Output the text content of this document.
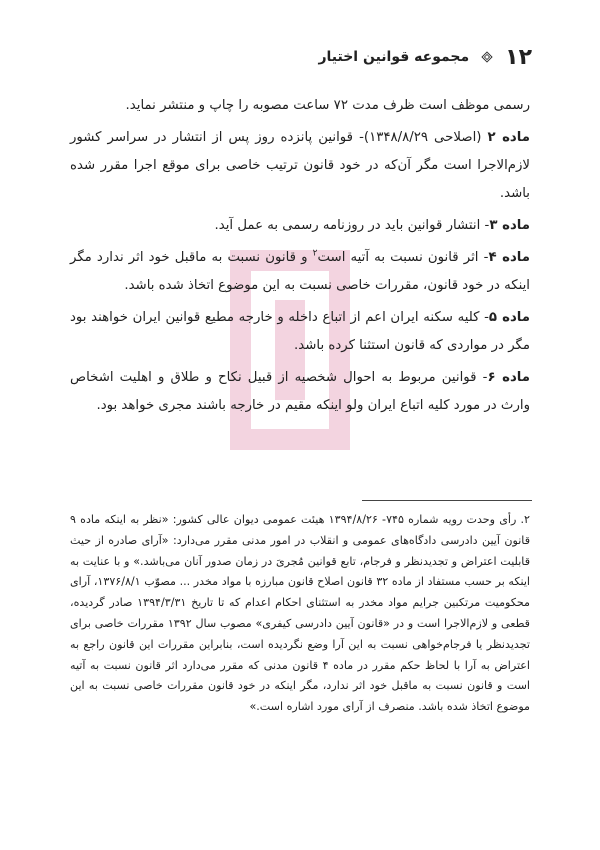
مجموعه قوانین اختیار ۱۲

رسمی موظف است ظرف مدت ۷۲ ساعت مصوبه را چاپ و منتشر نماید.

ماده ۲ (اصلاحی ۱۳۴۸/۸/۲۹)- قوانین پانزده روز پس از انتشار در سراسر کشور لازم‌الاجرا است مگر آن‌که در خود قانون ترتیب خاصی برای موقع اجرا مقرر شده باشد.

ماده ۳- انتشار قوانین باید در روزنامه رسمی به عمل آید.

ماده ۴- اثر قانون نسبت به آتیه است$^۲$ و قانون نسبت به ماقبل خود اثر ندارد مگر اینکه در خود قانون، مقررات خاصی نسبت به این موضوع اتخاذ شده باشد.

ماده ۵- کلیه سکنه ایران اعم از اتباع داخله و خارجه مطیع قوانین ایران خواهند بود مگر در مواردی که قانون استثنا کرده باشد.

ماده ۶- قوانین مربوط به احوال شخصیه از قبیل نکاح و طلاق و اهلیت اشخاص وارث در مورد کلیه اتباع ایران ولو اینکه مقیم در خارجه باشند مجری خواهد بود.

۲. رأی وحدت رویه شماره ۷۴۵- ۱۳۹۴/۸/۲۶ هیئت عمومی دیوان عالی کشور: «نظر به اینکه ماده ۹ قانون آیین دادرسی دادگاه‌های عمومی و انقلاب در امور مدنی مقرر می‌دارد: «آرای صادره از حیث قابلیت اعتراض و تجدیدنظر و فرجام، تابع قوانین مُجریَ در زمان صدور آنان می‌باشد.» و با عنایت به اینکه بر حسب مستفاد از ماده ۳۲ قانون اصلاح قانون مبارزه با مواد مخدر ... مصوّب ۱۳۷۶/۸/۱، آرای محکومیت مرتکبین جرایم مواد مخدر به استثنای احکام اعدام که تا تاریخ ۱۳۹۴/۳/۳۱ صادر گردیده، قطعی و لازم‌الاجرا است و در «قانون آیین دادرسی کیفری» مصوب سال ۱۳۹۲ مقررات خاصی برای تجدیدنظر یا فرجام‌خواهی نسبت به این آرا وضع نگردیده است، بنابراین مقررات این قانون راجع به اعتراض به آرا با لحاظ حکم مقرر در ماده ۴ قانون مدنی که مقرر می‌دارد اثر قانون نسبت به آتیه است و قانون نسبت به ماقبل خود اثر ندارد، مگر اینکه در خود قانون مقررات خاصی نسبت به این موضوع اتخاذ شده باشد. منصرف از آرای مورد اشاره است.»
